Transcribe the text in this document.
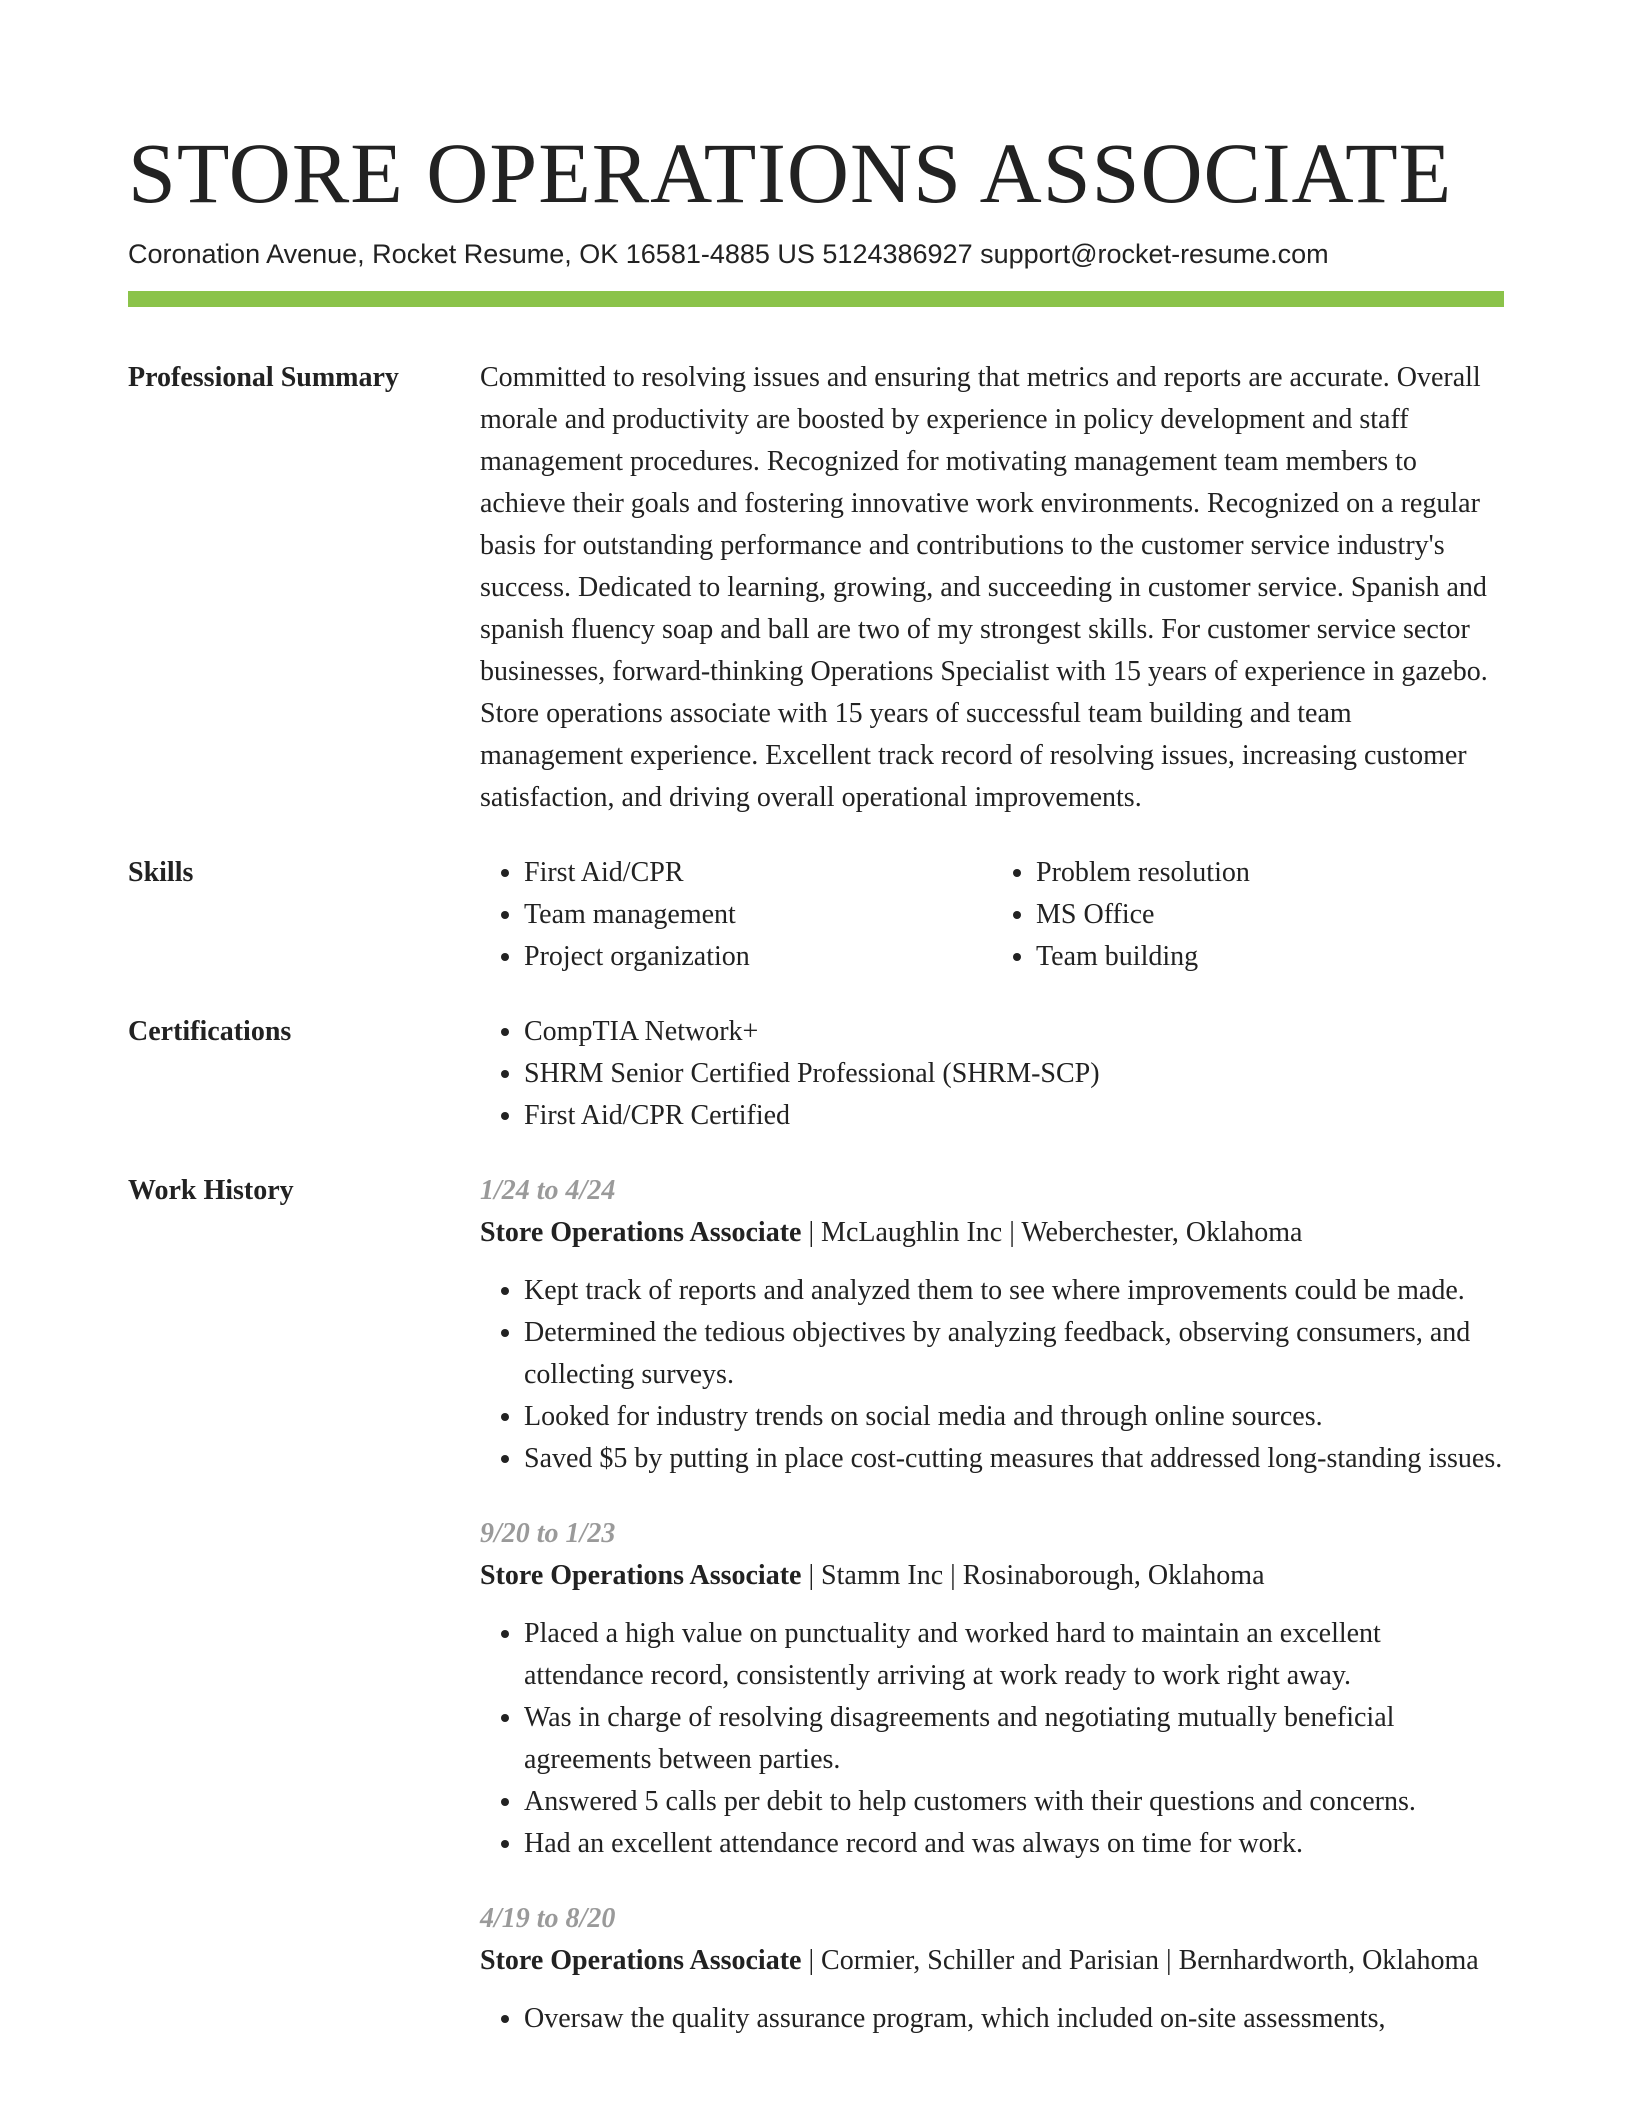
STORE OPERATIONS ASSOCIATE
Coronation Avenue, Rocket Resume, OK 16581-4885 US 5124386927 support@rocket-resume.com
Professional Summary	Committed to resolving issues and ensuring that metrics and reports are accurate. Overall morale and productivity are boosted by experience in policy development and staff management procedures. Recognized for motivating management team members to achieve their goals and fostering innovative work environments. Recognized on a regular basis for outstanding performance and contributions to the customer service industry's success. Dedicated to learning, growing, and succeeding in customer service. Spanish and spanish fluency soap and ball are two of my strongest skills. For customer service sector businesses, forward-thinking Operations Specialist with 15 years of experience in gazebo. Store operations associate with 15 years of successful team building and team management experience. Excellent track record of resolving issues, increasing customer satisfaction, and driving overall operational improvements.

Skills	• First Aid/CPR
• Team management
• Project organization
• Problem resolution
• MS Office
• Team building
Certifications	• CompTIA Network+
• SHRM Senior Certified Professional (SHRM-SCP)
• First Aid/CPR Certified
Work History	1/24 to 4/24
Store Operations Associate | McLaughlin Inc | Weberchester, Oklahoma
• Kept track of reports and analyzed them to see where improvements could be made.
• Determined the tedious objectives by analyzing feedback, observing consumers, and collecting surveys.
• Looked for industry trends on social media and through online sources.
• Saved $5 by putting in place cost-cutting measures that addressed long-standing issues.
9/20 to 1/23
Store Operations Associate | Stamm Inc | Rosinaborough, Oklahoma
• Placed a high value on punctuality and worked hard to maintain an excellent attendance record, consistently arriving at work ready to work right away.
• Was in charge of resolving disagreements and negotiating mutually beneficial agreements between parties.
• Answered 5 calls per debit to help customers with their questions and concerns.
• Had an excellent attendance record and was always on time for work.
4/19 to 8/20
Store Operations Associate | Cormier, Schiller and Parisian | Bernhardworth, Oklahoma
• Oversaw the quality assurance program, which included on-site assessments,
